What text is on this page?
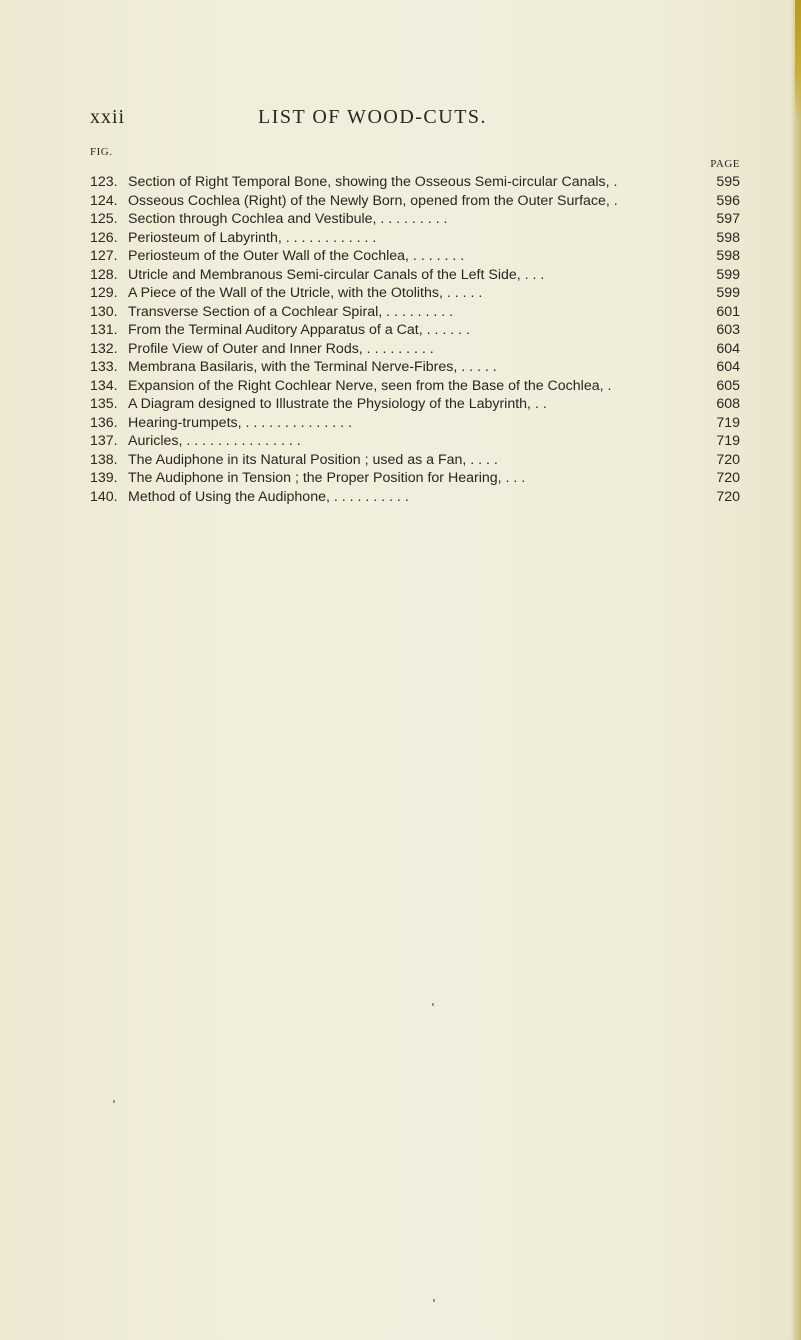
xxii	LIST OF WOOD-CUTS.
FIG.
PAGE
123. Section of Right Temporal Bone, showing the Osseous Semi-circular Canals, .	595
124. Osseous Cochlea (Right) of the Newly Born, opened from the Outer Surface, .	596
125. Section through Cochlea and Vestibule, . . . . . . . . .	597
126. Periosteum of Labyrinth, . . . . . . . . . . . .	598
127. Periosteum of the Outer Wall of the Cochlea, . . . . . . .	598
128. Utricle and Membranous Semi-circular Canals of the Left Side, . . .	599
129. A Piece of the Wall of the Utricle, with the Otoliths, . . . . .	599
130. Transverse Section of a Cochlear Spiral, . . . . . . . . .	601
131. From the Terminal Auditory Apparatus of a Cat, . . . . . .	603
132. Profile View of Outer and Inner Rods, . . . . . . . . .	604
133. Membrana Basilaris, with the Terminal Nerve-Fibres, . . . . .	604
134. Expansion of the Right Cochlear Nerve, seen from the Base of the Cochlea, .	605
135. A Diagram designed to Illustrate the Physiology of the Labyrinth, . .	608
136. Hearing-trumpets, . . . . . . . . . . . . . .	719
137. Auricles, . . . . . . . . . . . . . . .	719
138. The Audiphone in its Natural Position ; used as a Fan, . . . .	720
139. The Audiphone in Tension ; the Proper Position for Hearing, . . .	720
140. Method of Using the Audiphone, . . . . . . . . . .	720
